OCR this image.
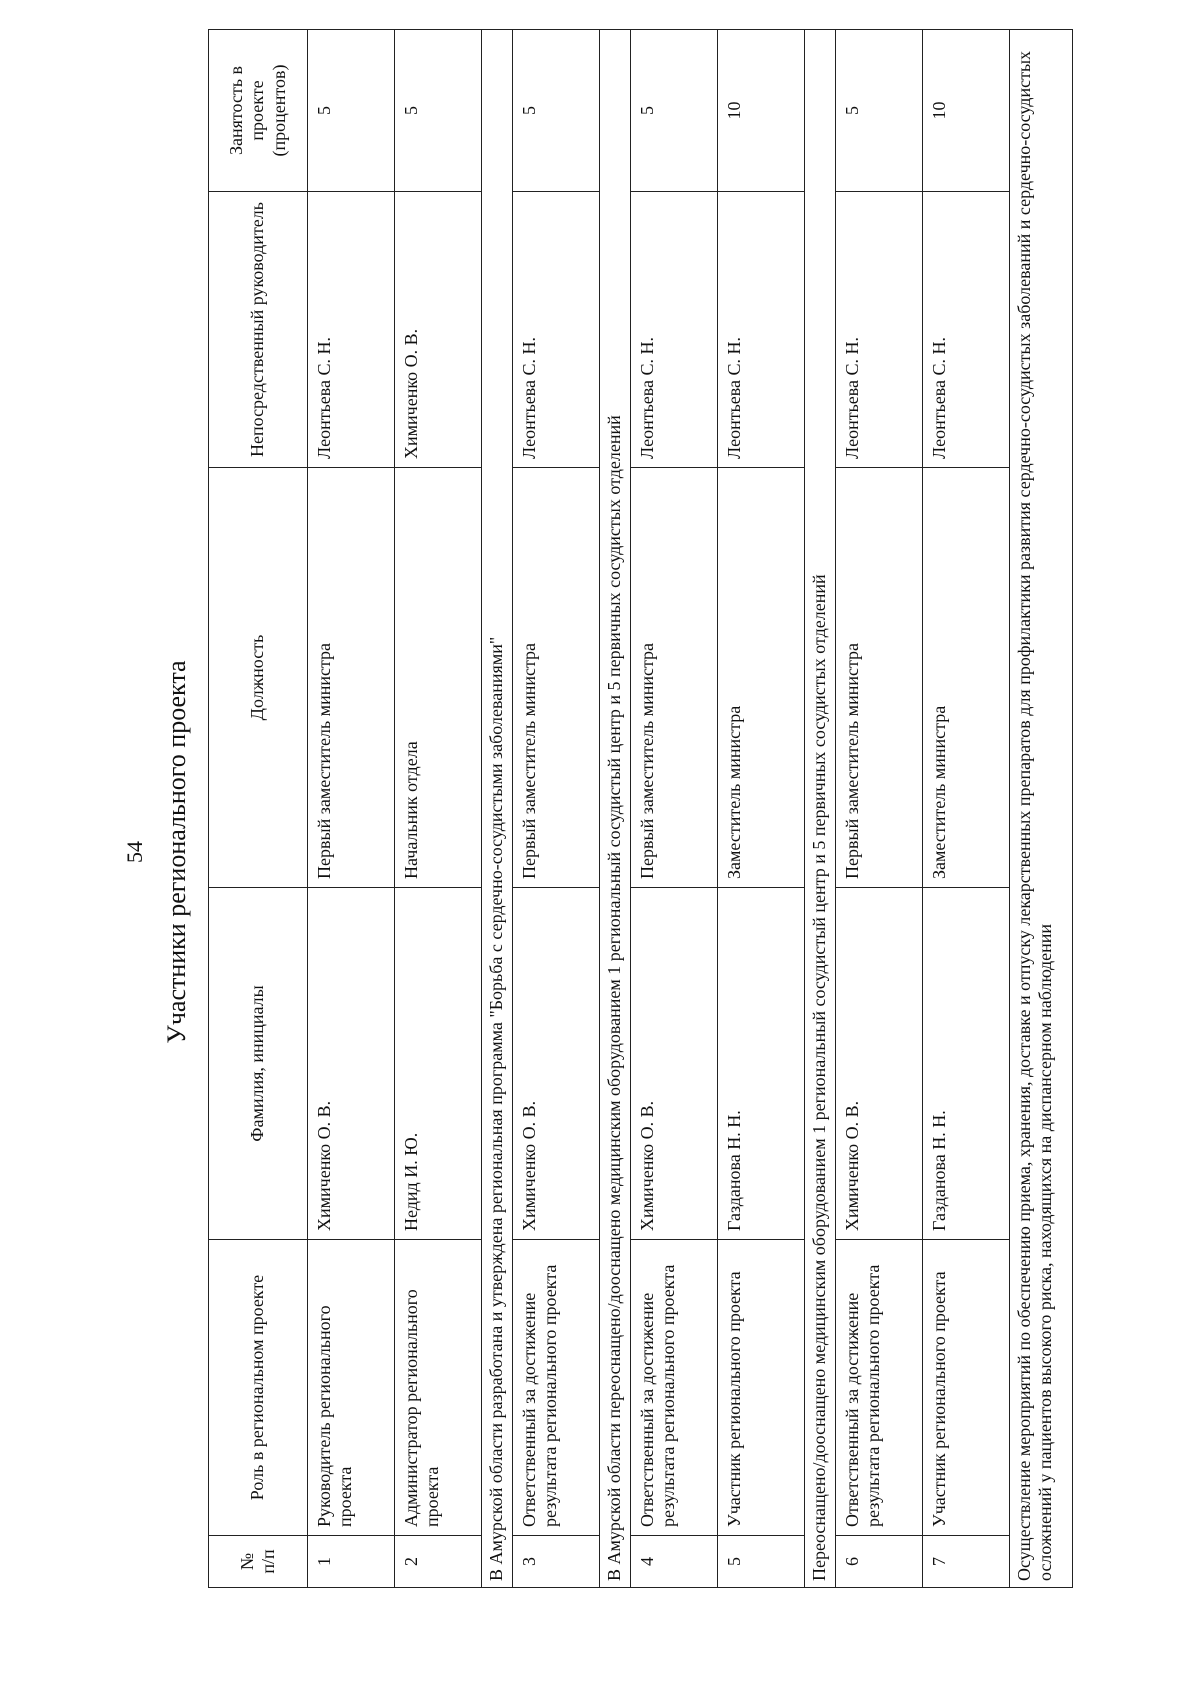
54 Участники регионального проекта
№ п/п	Роль в региональном проекте	Фамилия, инициалы	Должность	Непосредственный руководитель	Занятость в проекте (процентов)
1	Руководитель регионального проекта	Химиченко О. В.	Первый заместитель министра	Леонтьева С. Н.	5
2	Администратор регионального проекта	Недид И. Ю.	Начальник отдела	Химиченко О. В.	5
В Амурской области разработана и утверждена региональная программа "Борьба с сердечно-сосудистыми заболеваниями"					
3	Ответственный за достижение результата регионального проекта	Химиченко О. В.	Первый заместитель министра	Леонтьева С. Н.	5
В Амурской области переоснащено/дооснащено медицинским оборудованием 1 региональный сосудистый центр и 5 первичных сосудистых отделений					
4	Ответственный за достижение результата регионального проекта	Химиченко О. В.	Первый заместитель министра	Леонтьева С. Н.	5
5	Участник регионального проекта	Газданова Н. Н.	Заместитель министра	Леонтьева С. Н.	10
Переоснащено/дооснащено медицинским оборудованием 1 региональный сосудистый центр и 5 первичных сосудистых отделений					
6	Ответственный за достижение результата регионального проекта	Химиченко О. В.	Первый заместитель министра	Леонтьева С. Н.	5
7	Участник регионального проекта	Газданова Н. Н.	Заместитель министра	Леонтьева С. Н.	10
Осуществление мероприятий по обеспечению приема, хранения, доставке и отпуску лекарственных препаратов для профилактики развития сердечно-сосудистых заболеваний и сердечно-сосудистых осложнений у пациентов высокого риска, находящихся на диспансерном наблюдении					
